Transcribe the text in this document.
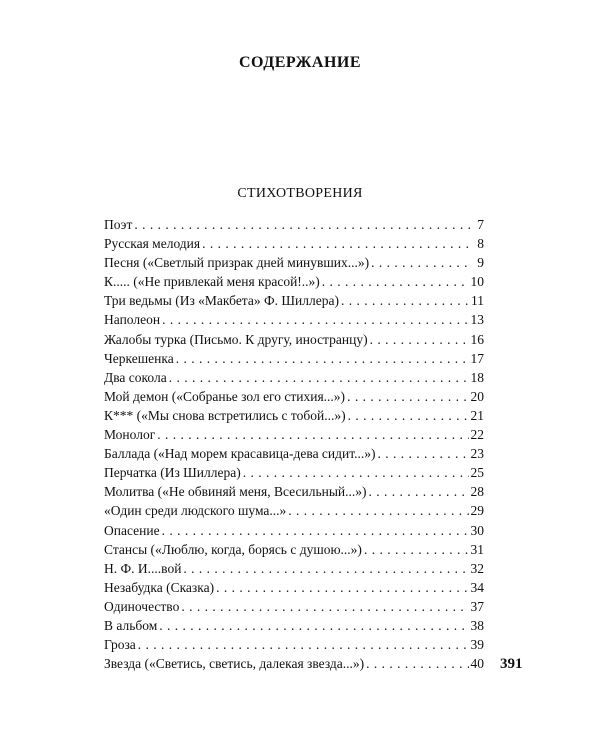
СОДЕРЖАНИЕ
СТИХОТВОРЕНИЯ
Поэт . . .	7
Русская мелодия . . .	8
Песня («Светлый призрак дней минувших...») . . .	9
К..... («Не привлекай меня красой!..») . . .	10
Три ведьмы (Из «Макбета» Ф. Шиллера) . . .	11
Наполеон . . .	13
Жалобы турка (Письмо. К другу, иностранцу) . . .	16
Черкешенка . . .	17
Два сокола . . .	18
Мой демон («Собранье зол его стихия...») . . .	20
К*** («Мы снова встретились с тобой...») . . .	21
Монолог . . .	22
Баллада («Над морем красавица-дева сидит...») . . .	23
Перчатка (Из Шиллера) . . .	25
Молитва («Не обвиняй меня, Всесильный...») . . .	28
«Один среди людского шума...» . . .	29
Опасение . . .	30
Стансы («Люблю, когда, борясь с душою...») . . .	31
Н. Ф. И....вой . . .	32
Незабудка (Сказка) . . .	34
Одиночество . . .	37
В альбом . . .	38
Гроза . . .	39
Звезда («Светись, светись, далекая звезда...») . . .	40 391
